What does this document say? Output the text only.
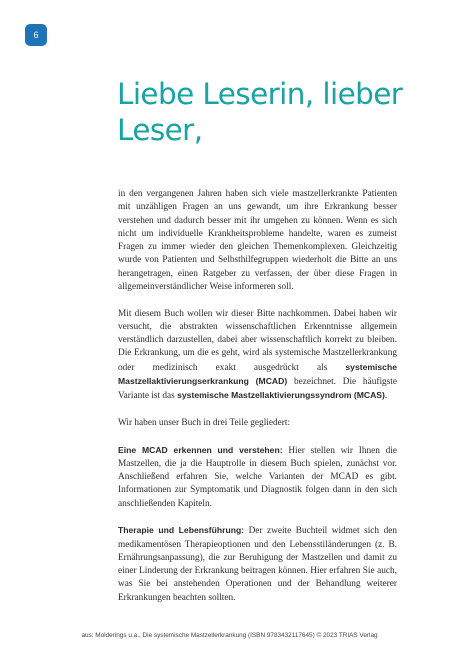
6
Liebe Leserin, lieber
Leser,

in den vergangenen Jahren haben sich viele mastzellerkrankte Patienten mit unzähligen Fragen an uns gewandt, um ihre Erkrankung besser verstehen und dadurch besser mit ihr umgehen zu können. Wenn es sich nicht um individuelle Krankheitsprobleme handelte, waren es zumeist Fragen zu immer wieder den gleichen Themenkomplexen. Gleichzeitig wurde von Patienten und Selbsthilfegruppen wiederholt die Bitte an uns herangetragen, einen Ratgeber zu verfassen, der über diese Fragen in allgemeinverständlicher Weise informeren soll.

Mit diesem Buch wollen wir dieser Bitte nachkommen. Dabei haben wir versucht, die abstrakten wissenschaftlichen Erkenntnisse allgemein verständlich darzustellen, dabei aber wissenschaftlich korrekt zu bleiben. Die Erkrankung, um die es geht, wird als systemische Mastzellerkrankung oder medizinisch exakt ausgedrückt als systemische Mastzellaktivierungserkrankung (MCAD) bezeichnet. Die häufigste Variante ist das systemische Mastzellaktivierungssyndrom (MCAS).

Wir haben unser Buch in drei Teile gegliedert:

Eine MCAD erkennen und verstehen: Hier stellen wir Ihnen die Mastzellen, die ja die Hauptrolle in diesem Buch spielen, zunächst vor. Anschließend erfahren Sie, welche Varianten der MCAD es gibt. Informationen zur Symptomatik und Diagnostik folgen dann in den sich anschließenden Kapiteln.

Therapie und Lebensführung: Der zweite Buchteil widmet sich den medikamentösen Therapieoptionen und den Lebensstiländerungen (z. B. Ernährungsanpassung), die zur Beruhigung der Mastzellen und damit zu einer Linderung der Erkrankung beitragen können. Hier erfahren Sie auch, was Sie bei anstehenden Operationen und der Behandlung weiterer Erkrankungen beachten sollten.

aus: Molderings u.a., Die systemische Mastzellerkrankung (ISBN 9783432117645) © 2023 TRIAS Verlag
